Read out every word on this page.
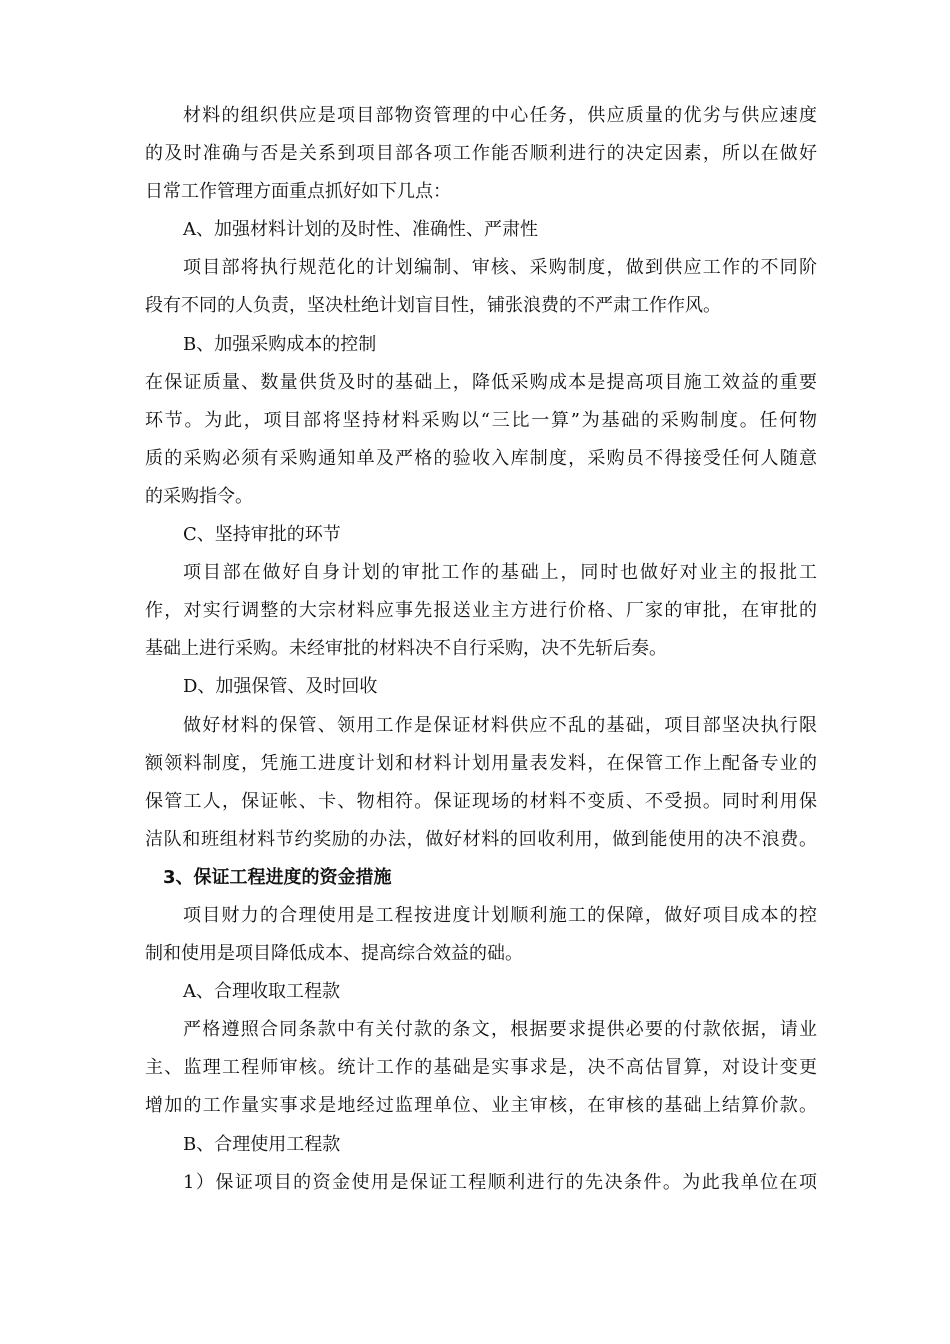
材料的组织供应是项目部物资管理的中心任务，供应质量的优劣与供应速度
的及时准确与否是关系到项目部各项工作能否顺利进行的决定因素，所以在做好
日常工作管理方面重点抓好如下几点：
A、加强材料计划的及时性、准确性、严肃性
项目部将执行规范化的计划编制、审核、采购制度，做到供应工作的不同阶
段有不同的人负责，坚决杜绝计划盲目性，铺张浪费的不严肃工作作风。
B、加强采购成本的控制
在保证质量、数量供货及时的基础上，降低采购成本是提高项目施工效益的重要
环节。为此，项目部将坚持材料采购以“三比一算”为基础的采购制度。任何物
质的采购必须有采购通知单及严格的验收入库制度，采购员不得接受任何人随意
的采购指令。
C、坚持审批的环节
项目部在做好自身计划的审批工作的基础上，同时也做好对业主的报批工
作，对实行调整的大宗材料应事先报送业主方进行价格、厂家的审批，在审批的
基础上进行采购。未经审批的材料决不自行采购，决不先斩后奏。
D、加强保管、及时回收
做好材料的保管、领用工作是保证材料供应不乱的基础，项目部坚决执行限
额领料制度，凭施工进度计划和材料计划用量表发料，在保管工作上配备专业的
保管工人，保证帐、卡、物相符。保证现场的材料不变质、不受损。同时利用保
洁队和班组材料节约奖励的办法，做好材料的回收利用，做到能使用的决不浪费。
3、保证工程进度的资金措施
项目财力的合理使用是工程按进度计划顺利施工的保障，做好项目成本的控
制和使用是项目降低成本、提高综合效益的础。
A、合理收取工程款
严格遵照合同条款中有关付款的条文，根据要求提供必要的付款依据，请业
主、监理工程师审核。统计工作的基础是实事求是，决不高估冒算，对设计变更
增加的工作量实事求是地经过监理单位、业主审核，在审核的基础上结算价款。
B、合理使用工程款
1）保证项目的资金使用是保证工程顺利进行的先决条件。为此我单位在项
